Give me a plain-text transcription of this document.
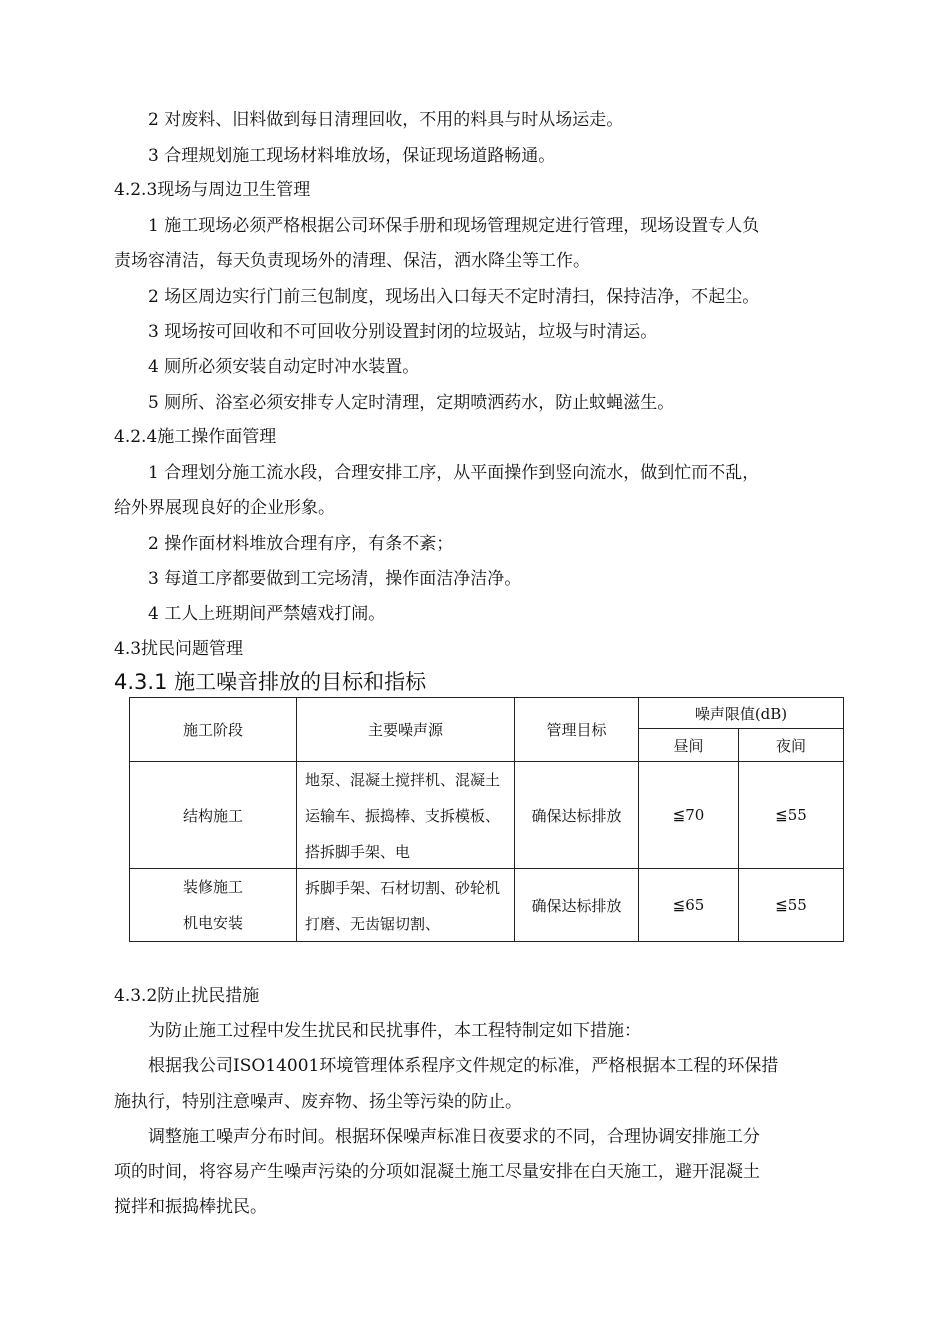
2 对废料、旧料做到每日清理回收，不用的料具与时从场运走。
3 合理规划施工现场材料堆放场，保证现场道路畅通。
4.2.3现场与周边卫生管理
1 施工现场必须严格根据公司环保手册和现场管理规定进行管理，现场设置专人负
责场容清洁，每天负责现场外的清理、保洁，洒水降尘等工作。
2 场区周边实行门前三包制度，现场出入口每天不定时清扫，保持洁净，不起尘。
3 现场按可回收和不可回收分别设置封闭的垃圾站，垃圾与时清运。
4 厕所必须安装自动定时冲水装置。
5 厕所、浴室必须安排专人定时清理，定期喷洒药水，防止蚊蝇滋生。
4.2.4施工操作面管理
1 合理划分施工流水段，合理安排工序，从平面操作到竖向流水，做到忙而不乱，
给外界展现良好的企业形象。
2 操作面材料堆放合理有序，有条不紊；
3 每道工序都要做到工完场清，操作面洁净洁净。
4 工人上班期间严禁嬉戏打闹。
4.3扰民问题管理
4.3.1 施工噪音排放的目标和指标
施工阶段	主要噪声源	管理目标	噪声限值(dB)	
			昼间	夜间
结构施工	地泵、混凝土搅拌机、混凝土运输车、振捣棒、支拆模板、搭拆脚手架、电	确保达标排放	≦70	≦55

装修施工
机电安装	拆脚手架、石材切割、砂轮机打磨、无齿锯切割、	确保达标排放	≦65	≦55
4.3.2防止扰民措施
为防止施工过程中发生扰民和民扰事件，本工程特制定如下措施：
根据我公司ISO14001环境管理体系程序文件规定的标准，严格根据本工程的环保措
施执行，特别注意噪声、废弃物、扬尘等污染的防止。
调整施工噪声分布时间。根据环保噪声标准日夜要求的不同，合理协调安排施工分
项的时间，将容易产生噪声污染的分项如混凝土施工尽量安排在白天施工，避开混凝土
搅拌和振捣棒扰民。
